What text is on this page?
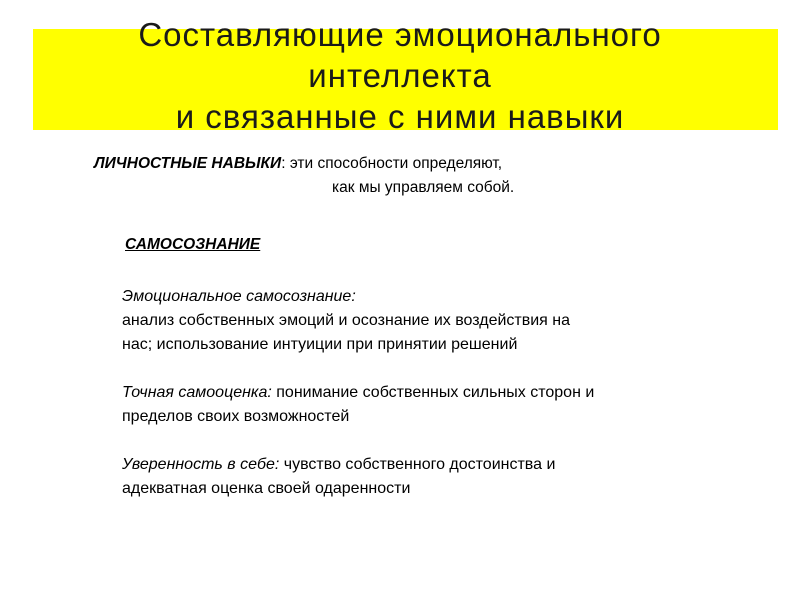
Составляющие эмоционального
интеллекта
и связанные с ними навыки
ЛИЧНОСТНЫЕ НАВЫКИ: эти способности определяют,
как мы управляем собой.
САМОСОЗНАНИЕ
Эмоциональное самосознание:
анализ собственных эмоций и осознание их воздействия на
нас; использование интуиции при принятии решений
Точная самооценка: понимание собственных сильных сторон и
пределов своих возможностей
Уверенность в себе: чувство собственного достоинства и
адекватная оценка своей одаренности
